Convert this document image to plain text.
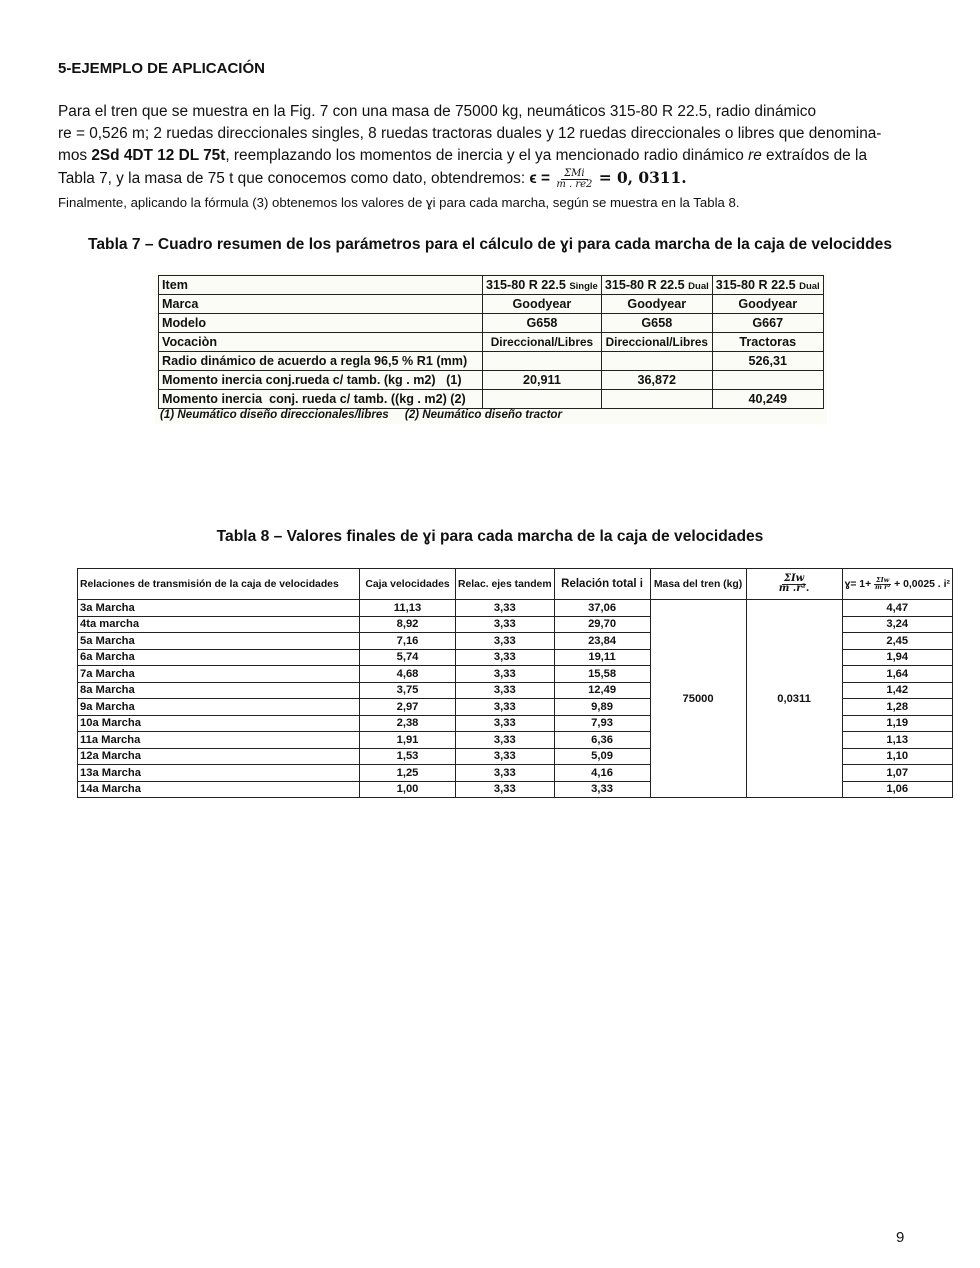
5-EJEMPLO DE APLICACIÓN
Para el tren que se muestra en la Fig. 7 con una masa de 75000 kg, neumáticos 315-80 R 22.5, radio dinámico
re = 0,526 m; 2 ruedas direccionales singles, 8 ruedas tractoras duales y 12 ruedas direccionales o libres que denomina-
mos 2Sd 4DT 12 DL 75t, reemplazando los momentos de inercia y el ya mencionado radio dinámico re extraídos de la
Tabla 7, y la masa de 75 t que conocemos como dato, obtendremos: $\epsilon = \frac{\text{ΣMi}}{m . re2} = 0$, 0311.
Finalmente, aplicando la fórmula (3) obtenemos los valores de ɣi para cada marcha, según se muestra en la Tabla 8.
Tabla 7 – Cuadro resumen de los parámetros para el cálculo de ɣi para cada marcha de la caja de velociddes
Item	315-80 R 22.5 Single	315-80 R 22.5 Dual	315-80 R 22.5 Dual
Marca	Goodyear	Goodyear	Goodyear
Modelo	G658	G658	G667
Vocaciòn	Direccional/Libres	Direccional/Libres	Tractoras
Radio dinámico de acuerdo a regla 96,5 % R1 (mm)			526,31
Momento inercia conj.rueda c/ tamb. (kg . m2)   (1)	20,911	36,872	
Momento inercia  conj. rueda c/ tamb. ((kg . m2) (2)			40,249
(1) Neumático diseño direccionales/libres     (2) Neumático diseño tractor
Tabla 8 – Valores finales de ɣi para cada marcha de la caja de velocidades
Relaciones de transmisión de la caja de velocidades	Caja velocidades	Relac. ejes tandem	Relación total i	Masa del tren (kg)	ΣIw
m .r².	ɣ= 1+ ΣIw
m r² + 0,0025 . i²
3a Marcha	11,13	3,33	37,06	75000	0,0311	4,47
4ta marcha	8,92	3,33	29,70			3,24
5a Marcha	7,16	3,33	23,84			2,45
6a Marcha	5,74	3,33	19,11			1,94
7a Marcha	4,68	3,33	15,58			1,64
8a Marcha	3,75	3,33	12,49			1,42
9a Marcha	2,97	3,33	9,89			1,28
10a Marcha	2,38	3,33	7,93			1,19
11a Marcha	1,91	3,33	6,36			1,13
12a Marcha	1,53	3,33	5,09			1,10
13a Marcha	1,25	3,33	4,16			1,07
14a Marcha	1,00	3,33	3,33			1,06
9
